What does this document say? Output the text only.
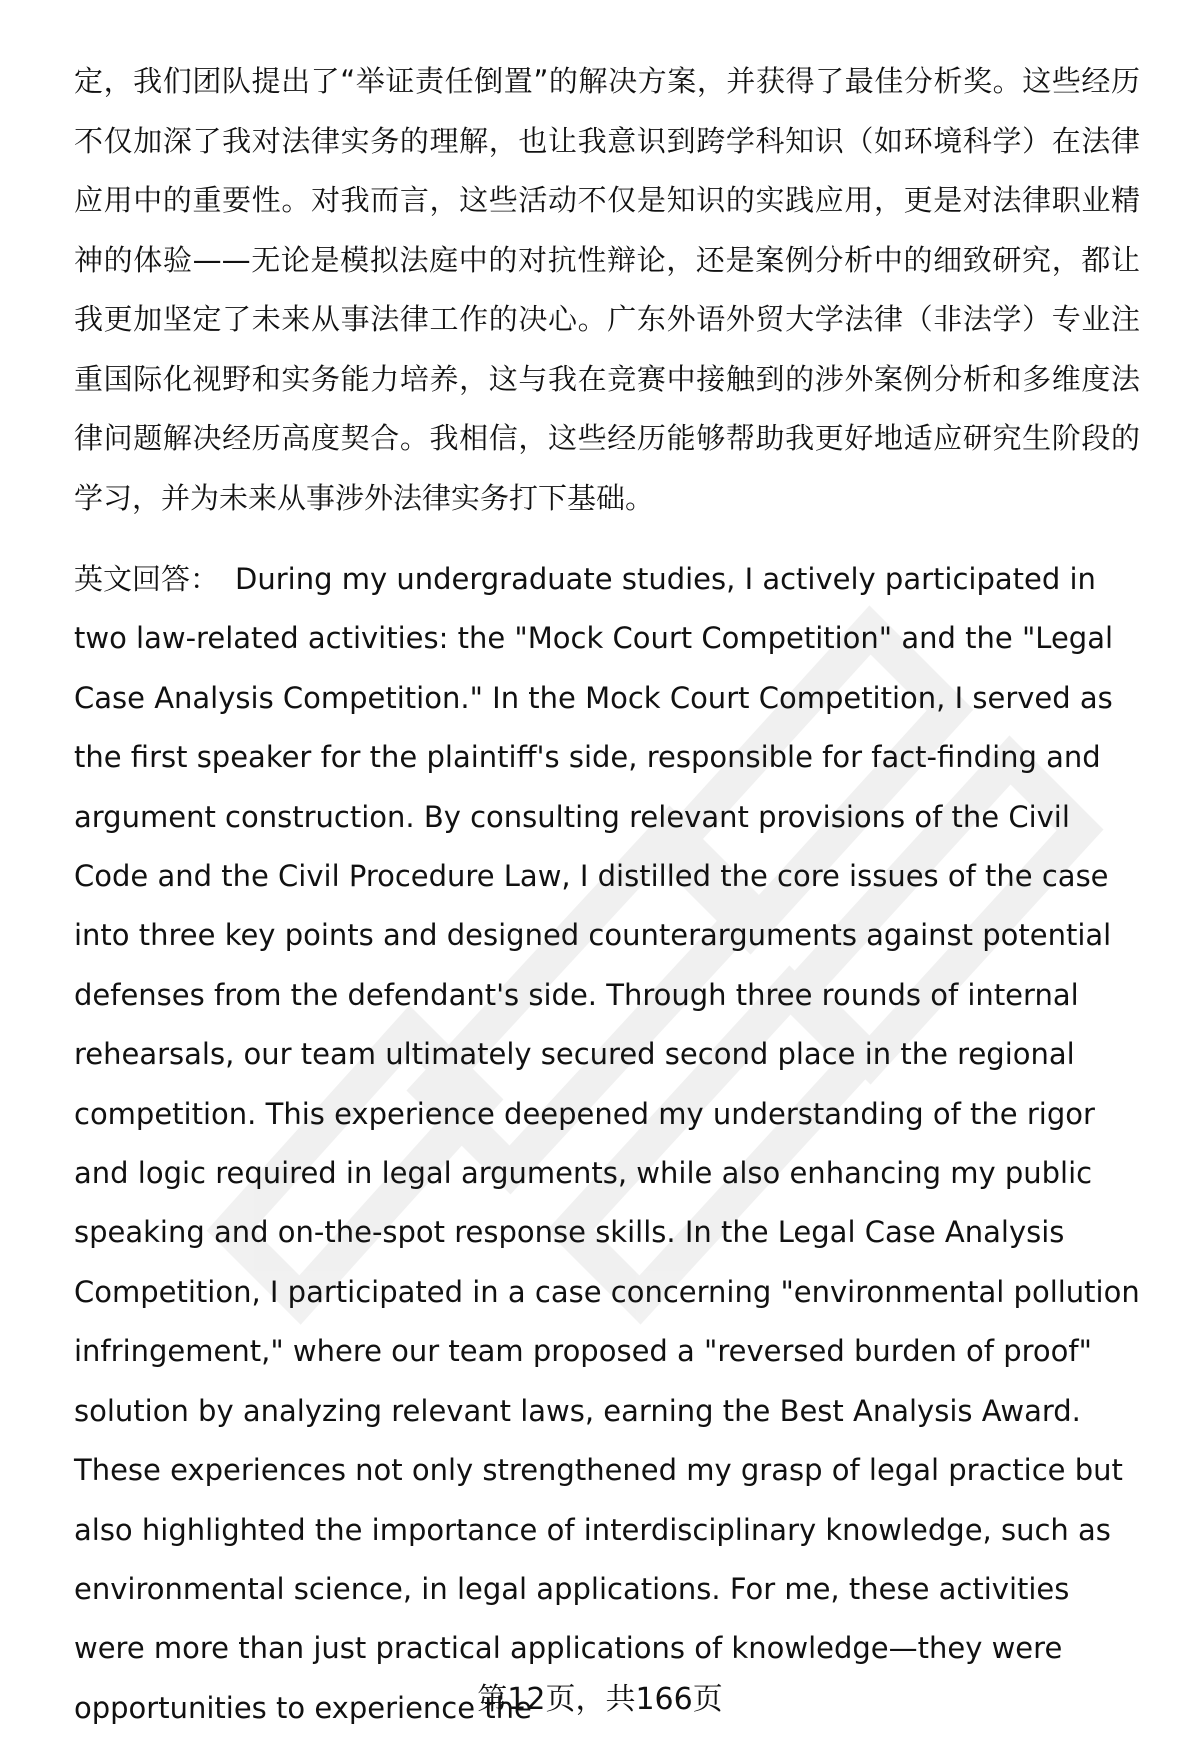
定，我们团队提出了“举证责任倒置”的解决方案，并获得了最佳分析奖。这些经历不仅加深了我对法律实务的理解，也让我意识到跨学科知识（如环境科学）在法律应用中的重要性。对我而言，这些活动不仅是知识的实践应用，更是对法律职业精神的体验——无论是模拟法庭中的对抗性辩论，还是案例分析中的细致研究，都让我更加坚定了未来从事法律工作的决心。广东外语外贸大学法律（非法学）专业注重国际化视野和实务能力培养，这与我在竞赛中接触到的涉外案例分析和多维度法律问题解决经历高度契合。我相信，这些经历能够帮助我更好地适应研究生阶段的学习，并为未来从事涉外法律实务打下基础。

英文回答： During my undergraduate studies, I actively participated in two law-related activities: the "Mock Court Competition" and the "Legal Case Analysis Competition." In the Mock Court Competition, I served as the first speaker for the plaintiff's side, responsible for fact-finding and argument construction. By consulting relevant provisions of the Civil Code and the Civil Procedure Law, I distilled the core issues of the case into three key points and designed counterarguments against potential defenses from the defendant's side. Through three rounds of internal rehearsals, our team ultimately secured second place in the regional competition. This experience deepened my understanding of the rigor and logic required in legal arguments, while also enhancing my public speaking and on-the-spot response skills. In the Legal Case Analysis Competition, I participated in a case concerning "environmental pollution infringement," where our team proposed a "reversed burden of proof" solution by analyzing relevant laws, earning the Best Analysis Award. These experiences not only strengthened my grasp of legal practice but also highlighted the importance of interdisciplinary knowledge, such as environmental science, in legal applications. For me, these activities were more than just practical applications of knowledge—they were opportunities to experience the

第12页，共166页
